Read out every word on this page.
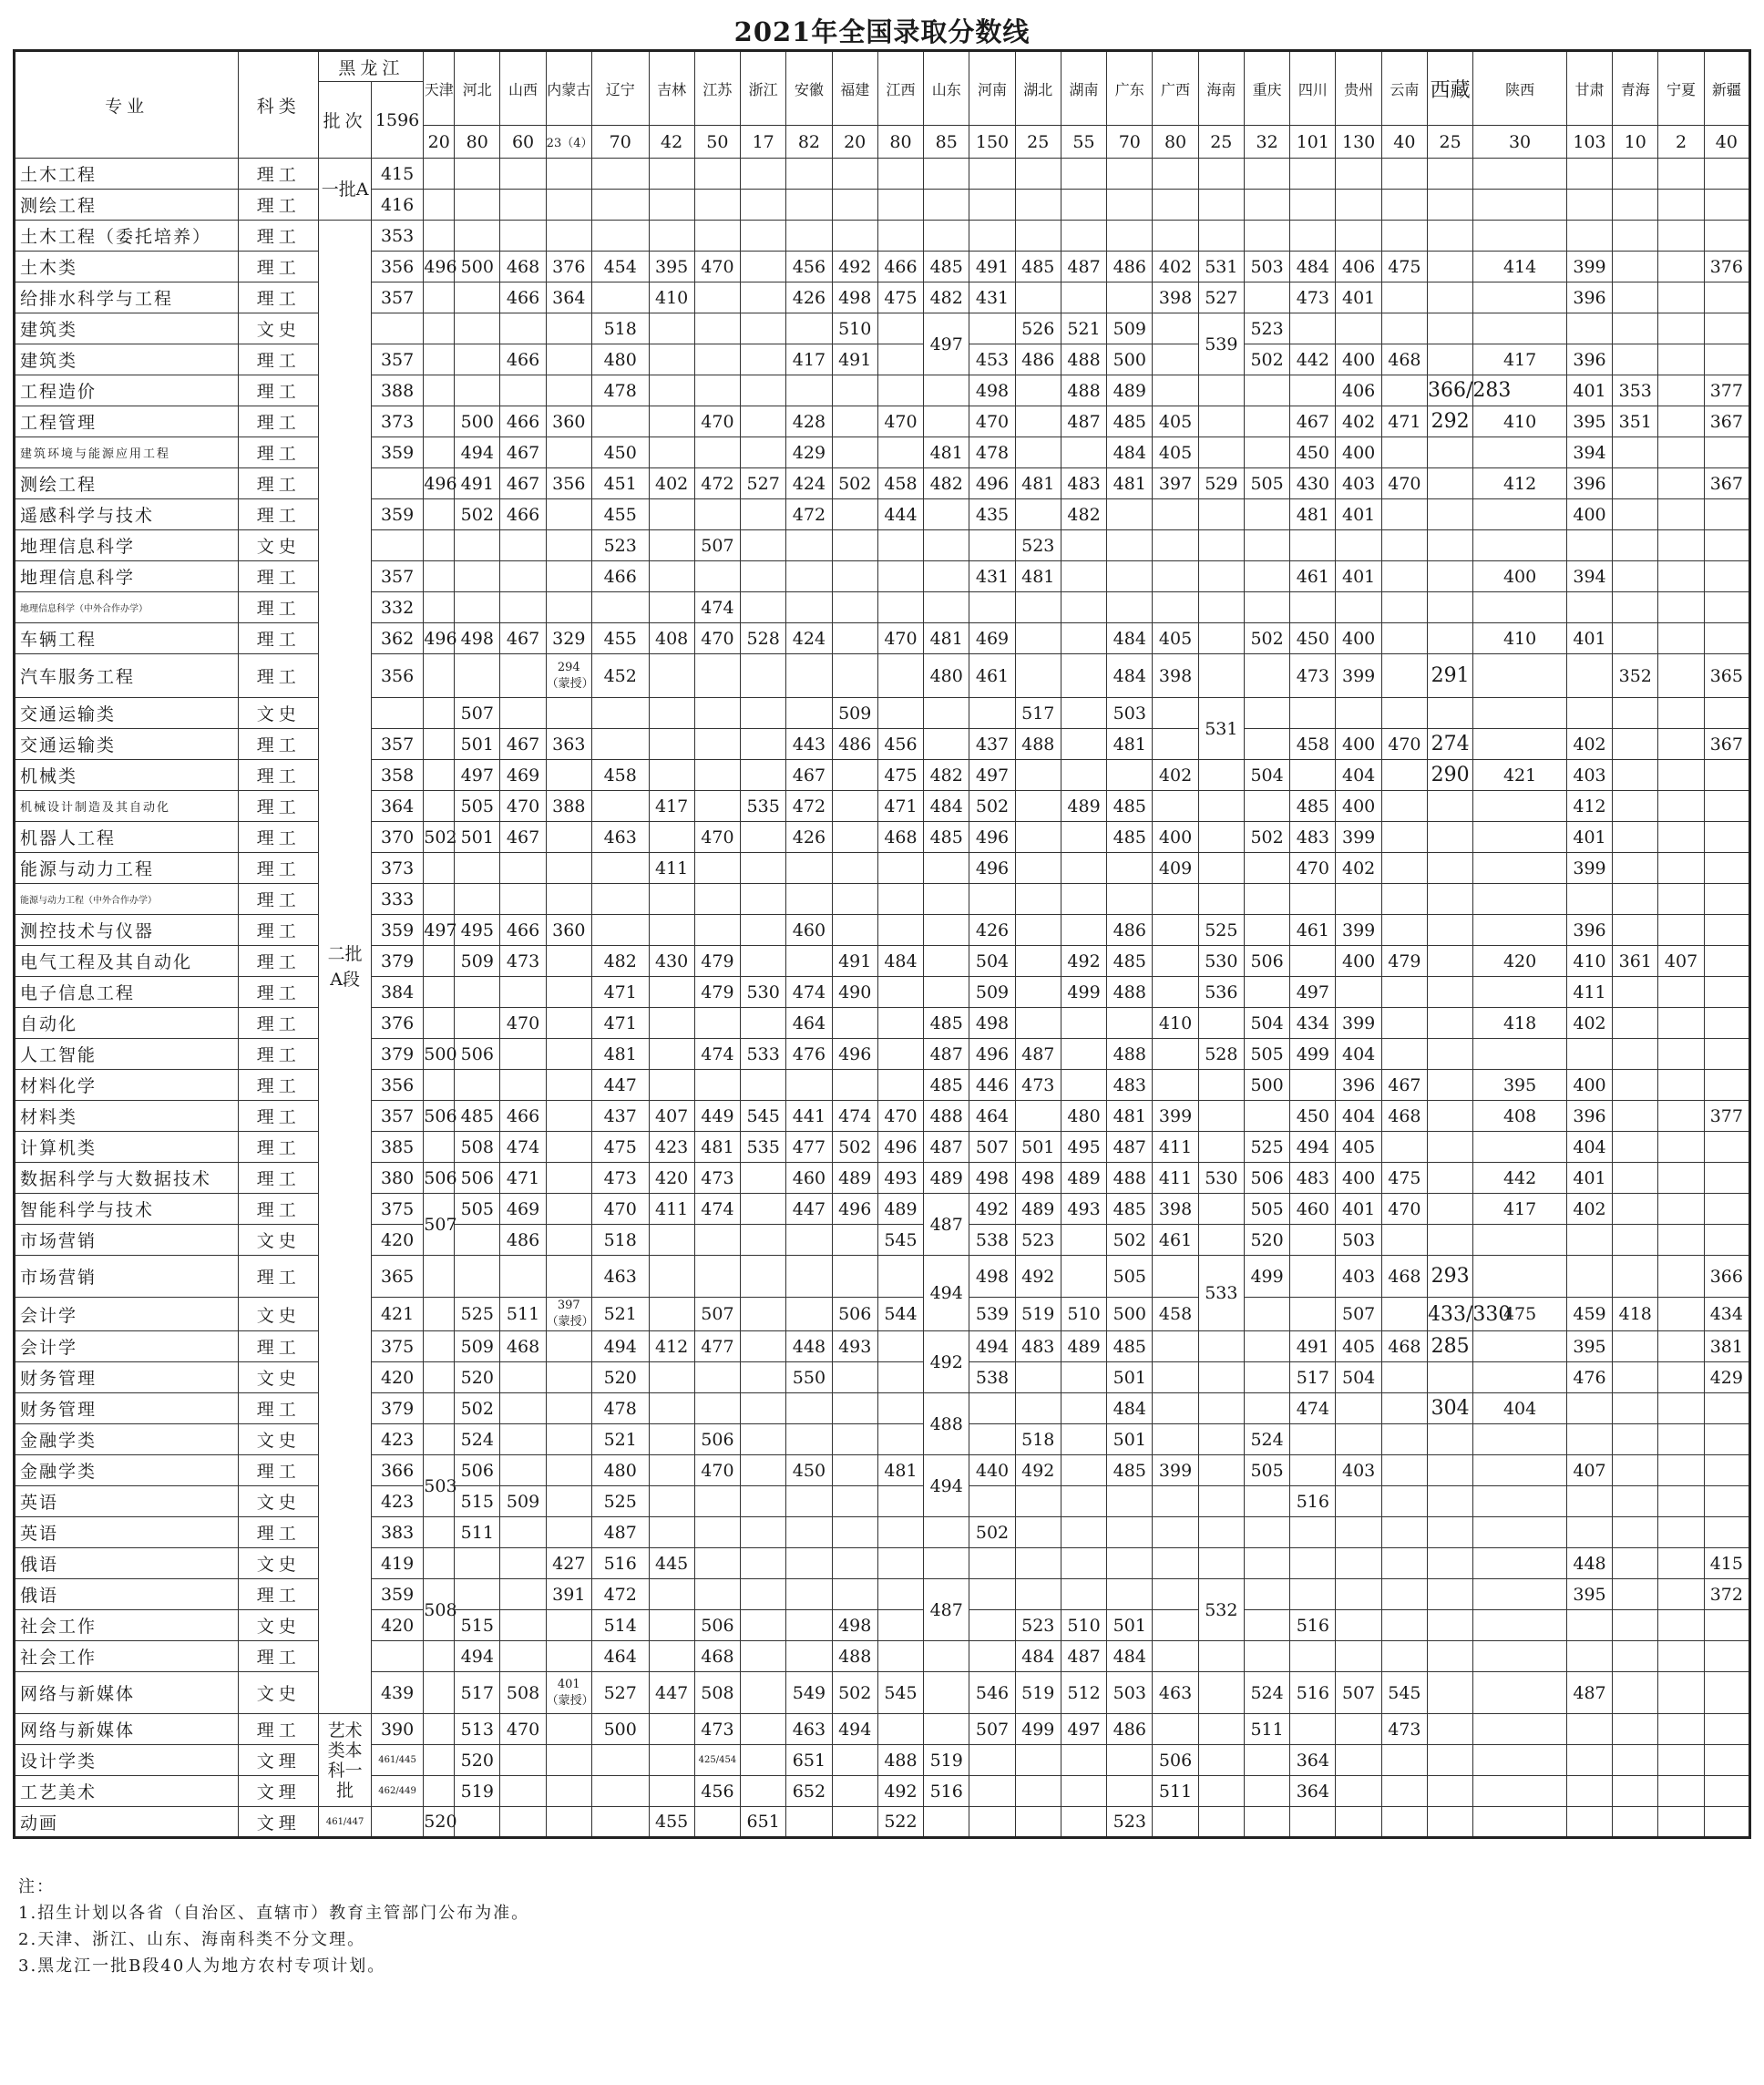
2021年全国录取分数线
专业	科类	黑龙江		天津	河北	山西	内蒙古	辽宁	吉林	江苏	浙江	安徽	福建	江西	山东	河南	湖北	湖南	广东	广西	海南	重庆	四川	贵州	云南	西藏	陕西	甘肃	青海	宁夏	新疆
		批次	1596																												
				20	80	60	23（4）	70	42	50	17	82	20	80	85	150	25	55	70	80	25	32	101	130	40	25	30	103	10	2	40
土木工程	理工	一批A	415																												
测绘工程	理工		416																												
土木工程（委托培养）	理工	二批A段	353																												
土木类	理工		356	496	500	468	376	454	395	470		456	492	466	485	491	485	487	486	402	531	503	484	406	475		414	399			376
给排水科学与工程	理工		357			466	364		410			426	498	475	482	431				398	527		473	401				396			
建筑类	文史							518					510		497		526	521	509		539	523									
建筑类	理工		357			466		480				417	491			453	486	488	500			502	442	400	468		417	396			
工程造价	理工		388					478								498		488	489					406		366/283		401	353		377
工程管理	理工		373		500	466	360			470		428		470		470		487	485	405			467	402	471	292	410	395	351		367
建筑环境与能源应用工程	理工		359		494	467		450				429			481	478			484	405			450	400				394			
测绘工程	理工			496	491	467	356	451	402	472	527	424	502	458	482	496	481	483	481	397	529	505	430	403	470		412	396			367
遥感科学与技术	理工		359		502	466		455				472		444		435		482					481	401				400			
地理信息科学	文史							523		507							523														
地理信息科学	理工		357					466								431	481						461	401			400	394			
地理信息科学（中外合作办学）	理工		332							474																					
车辆工程	理工		362	496	498	467	329	455	408	470	528	424		470	481	469			484	405		502	450	400			410	401			
汽车服务工程	理工		356				294（蒙授）	452							480	461			484	398			473	399		291			352		365
交通运输类	文史				507								509				517		503		531										
交通运输类	理工		357		501	467	363					443	486	456		437	488		481				458	400	470	274		402			367
机械类	理工		358		497	469		458				467		475	482	497				402		504		404		290	421	403			
机械设计制造及其自动化	理工		364		505	470	388		417		535	472		471	484	502		489	485				485	400				412			
机器人工程	理工		370	502	501	467		463		470		426		468	485	496			485	400		502	483	399				401			
能源与动力工程	理工		373						411							496				409			470	402				399			
能源与动力工程（中外合作办学）	理工		333																												
测控技术与仪器	理工		359	497	495	466	360					460				426			486		525		461	399				396			
电气工程及其自动化	理工		379		509	473		482	430	479			491	484		504		492	485		530	506		400	479		420	410	361	407	
电子信息工程	理工		384					471		479	530	474	490			509		499	488		536		497					411			
自动化	理工		376			470		471				464			485	498				410		504	434	399			418	402			
人工智能	理工		379	500	506			481		474	533	476	496		487	496	487		488		528	505	499	404							
材料化学	理工		356					447							485	446	473		483			500		396	467		395	400			
材料类	理工		357	506	485	466		437	407	449	545	441	474	470	488	464		480	481	399			450	404	468		408	396			377
计算机类	理工		385		508	474		475	423	481	535	477	502	496	487	507	501	495	487	411		525	494	405				404			
数据科学与大数据技术	理工		380	506	506	471		473	420	473		460	489	493	489	498	498	489	488	411	530	506	483	400	475		442	401			
智能科学与技术	理工		375	507	505	469		470	411	474		447	496	489	487	492	489	493	485	398		505	460	401	470		417	402			
市场营销	文史		420			486		518						545		538	523		502	461		520		503							
市场营销	理工		365					463							494	498	492		505		533	499		403	468	293					366
会计学	文史		421		525	511	397（蒙授）	521		507			506	544		539	519	510	500	458				507		433/330	475	459	418		434
会计学	理工		375		509	468		494	412	477		448	493		492	494	483	489	485				491	405	468	285		395			381
财务管理	文史		420		520			520				550				538			501				517	504				476			429
财务管理	理工		379		502			478							488				484				474			304	404				
金融学类	文史		423		524			521		506							518		501			524									
金融学类	理工		366	503	506			480		470		450		481	494	440	492		485	399		505		403				407			
英语	文史		423		515	509		525															516								
英语	理工		383		511			487								502															
俄语	文史		419				427	516	445																			448			415
俄语	理工		359	508			391	472							487						532							395			372
社会工作	文史		420		515			514		506			498				523	510	501				516								
社会工作	理工				494			464		468			488				484	487	484												
网络与新媒体	文史		439		517	508	401（蒙授）	527	447	508		549	502	545		546	519	512	503	463		524	516	507	545			487			
网络与新媒体	理工	艺术类本科一批	390		513	470		500		473		463	494			507	499	497	486			511			473						
设计学类	文理		461/445		520					425/454		651		488	519					506			364								
工艺美术	文理		462/449		519					456		652		492	516					511			364								
动画	文理	461/447		520					455		651			522					523												
注：
1.招生计划以各省（自治区、直辖市）教育主管部门公布为准。
2.天津、浙江、山东、海南科类不分文理。
3.黑龙江一批B段40人为地方农村专项计划。
